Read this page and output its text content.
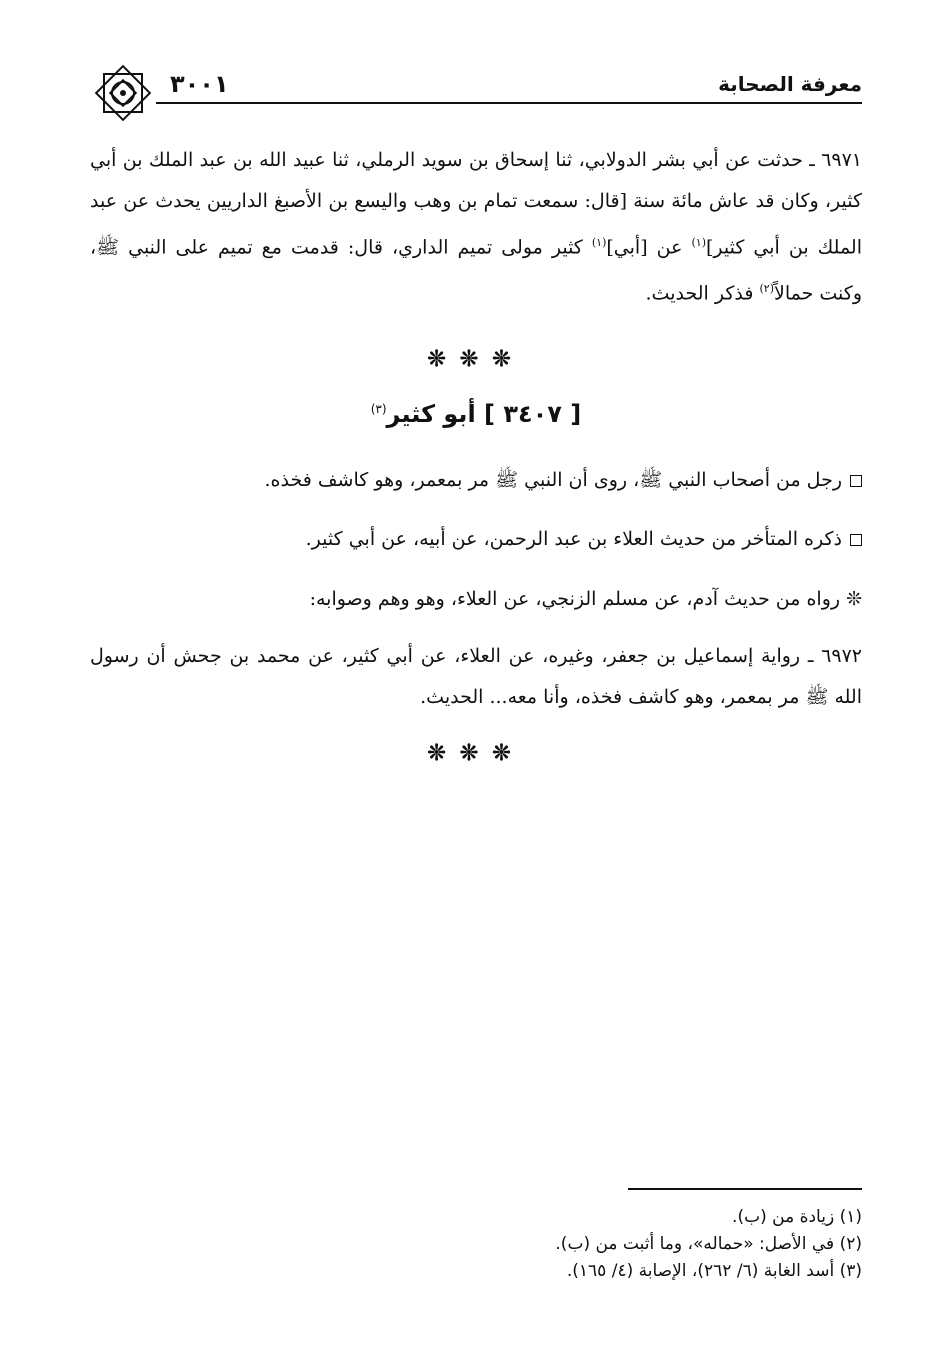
معرفة الصحابة
٣٠٠١
٦٩٧١ ـ حدثت عن أبي بشر الدولابي، ثنا إسحاق بن سويد الرملي، ثنا عبيد الله بن عبد الملك بن أبي كثير، وكان قد عاش مائة سنة [قال: سمعت تمام بن وهب واليسع بن الأصبغ الداريين يحدث عن عبد الملك بن أبي كثير]$^{(١)}$ عن [أبي]$^{(١)}$ كثير مولى تميم الداري، قال: قدمت مع تميم على النبي ﷺ، وكنت حمالاً$^{(٢)}$ فذكر الحديث.
❊❊❊
[ ٣٤٠٧ ] أبو كثير$^{(٣)}$
رجل من أصحاب النبي ﷺ، روى أن النبي ﷺ مر بمعمر، وهو كاشف فخذه.
ذكره المتأخر من حديث العلاء بن عبد الرحمن، عن أبيه، عن أبي كثير.
❊ رواه من حديث آدم، عن مسلم الزنجي، عن العلاء، وهو وهم وصوابه:
٦٩٧٢ ـ رواية إسماعيل بن جعفر، وغيره، عن العلاء، عن أبي كثير، عن محمد بن جحش أن رسول الله ﷺ مر بمعمر، وهو كاشف فخذه، وأنا معه... الحديث.
❊❊❊

(١) زيادة من (ب).

(٢) في الأصل: «حماله»، وما أثبت من (ب).

(٣) أسد الغابة (٦/ ٢٦٢)، الإصابة (٤/ ١٦٥).
